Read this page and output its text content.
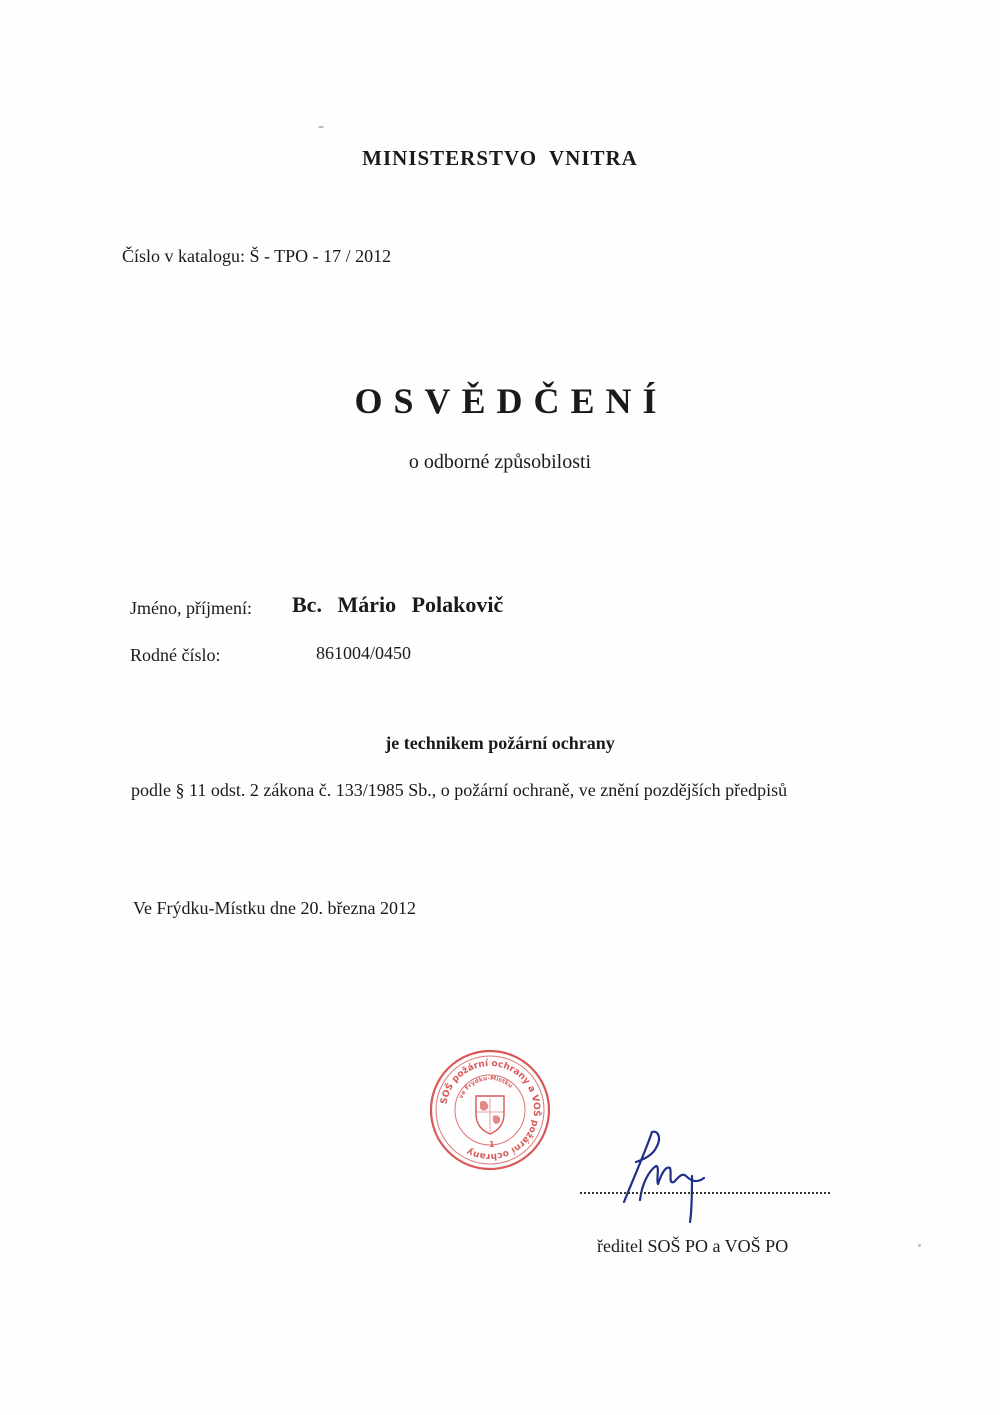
MINISTERSTVO VNITRA
Číslo v katalogu: Š - TPO - 17 / 2012
OSVĚDČENÍ
o odborné způsobilosti
Jméno, příjmení: Bc. Mário Polakovič
Rodné číslo:	861004/0450
je technikem požární ochrany
podle § 11 odst. 2 zákona č. 133/1985 Sb., o požární ochraně, ve znění pozdějších předpisů
Ve Frýdku-Místku dne 20. března 2012
SOŠ požární ochrany a VOŠ požární ochrany
ve Frýdku-Místku
1
ředitel SOŠ PO a VOŠ PO
